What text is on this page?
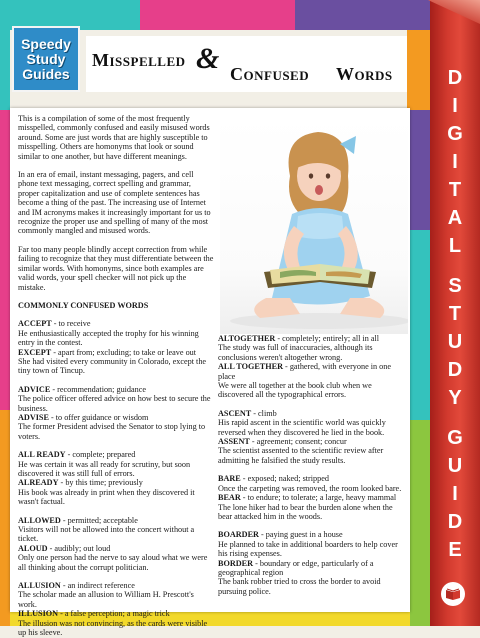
Speedy
Study
Guides
Misspelled & Confused Words

This is a compilation of some of the most frequently misspelled, commonly confused and easily misused words around. Some are just words that are highly susceptible to misspelling. Others are homonyms that look or sound similar to one another, but have different meanings.

In an era of email, instant messaging, pagers, and cell phone text messaging, correct spelling and grammar, proper capitalization and use of complete sentences has become a thing of the past. The increasing use of Internet and IM acronyms makes it increasingly important for us to recognize the proper use and spelling of many of the most commonly mangled and misused words.

Far too many people blindly accept correction from while failing to recognize that they must differentiate between the similar words. With homonyms, since both examples are valid words, your spell checker will not pick up the mistake.

COMMONLY CONFUSED WORDS

ACCEPT - to receive

He enthusiastically accepted the trophy for his winning entry in the contest.

EXCEPT - apart from; excluding; to take or leave out

She had visited every community in Colorado, except the tiny town of Tincup.

ADVICE - recommendation; guidance

The police officer offered advice on how best to secure the business.

ADVISE - to offer guidance or wisdom

The former President advised the Senator to stop lying to voters.

ALL READY - complete; prepared

He was certain it was all ready for scrutiny, but soon discovered it was still full of errors.

ALREADY - by this time; previously

His book was already in print when they discovered it wasn't factual.

ALLOWED - permitted; acceptable

Visitors will not be allowed into the concert without a ticket.

ALOUD - audibly; out loud

Only one person had the nerve to say aloud what we were all thinking about the corrupt politician.

ALLUSION - an indirect reference

The scholar made an allusion to William H. Prescott's work.

ILLUSION - a false perception; a magic trick

The illusion was not convincing, as the cards were visible up his sleeve.

ALTOGETHER - completely; entirely; all in all

The study was full of inaccuracies, although its conclusions weren't altogether wrong.

ALL TOGETHER - gathered, with everyone in one place

We were all together at the book club when we discovered all the typographical errors.

ASCENT - climb

His rapid ascent in the scientific world was quickly reversed when they discovered he lied in the book.

ASSENT - agreement; consent; concur

The scientist assented to the scientific review after admitting he falsified the study results.

BARE - exposed; naked; stripped

Once the carpeting was removed, the room looked bare.

BEAR - to endure; to tolerate; a large, heavy mammal

The lone hiker had to bear the burden alone when the bear attacked him in the woods.

BOARDER - paying guest in a house

He planned to take in additional boarders to help cover his rising expenses.

BORDER - boundary or edge, particularly of a geographical region

The bank robber tried to cross the border to avoid pursuing police.

D
I
G
I
T
A
L
S
T
U
D
Y
G
U
I
D
E
